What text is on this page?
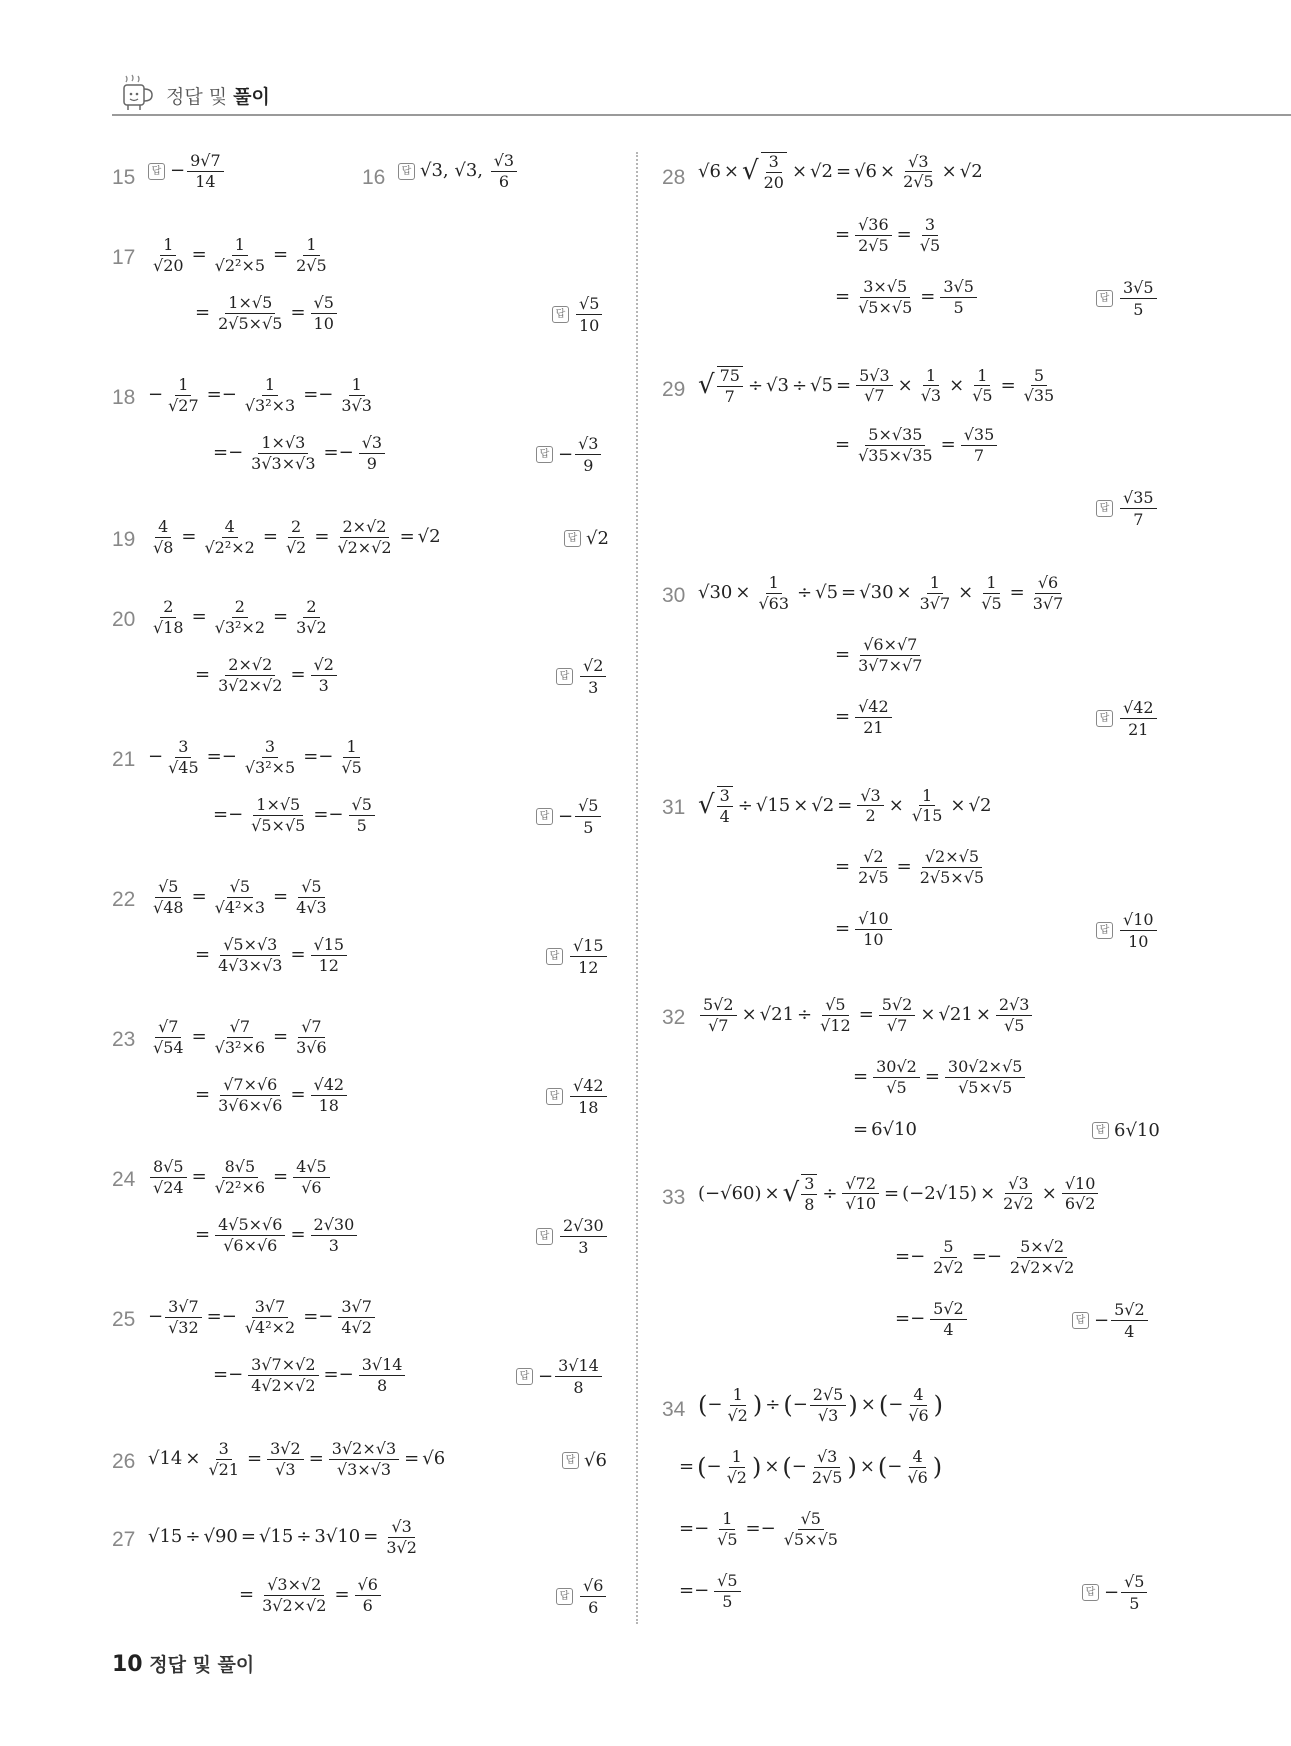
정답 및 풀이
15	답 − $\frac{9√7}{14}$	16	답 √3, √3, $\frac{√3}{6}$
$17 \frac{1}{√20} = \frac{1}{\text{√2²×5}} = \frac{1}{2√5}$
= $\frac{1\times√5}{2√5\times√5} = \frac{√5}{10}$	답 $\frac{√5}{10}$
$18 - \frac{1}{√27} =- \frac{1}{\text{√3²×3}} =- \frac{1}{3√3}$
=− $\frac{1\times√3}{3√3\times√3} =- \frac{√3}{9}$	답 − $\frac{√3}{9}$
$19 \frac{4}{√8} = \frac{4}{\text{√2²×2}} = \frac{2}{√2} = \frac{2\times√2}{√2\times√2} = √2$	답 √2
$20 \frac{2}{√18} = \frac{2}{\text{√3²×2}} = \frac{2}{3√2}$
= $\frac{2\times√2}{3√2\times√2} = \frac{√2}{3}$	답 $\frac{√2}{3}$
$21 - \frac{3}{√45} =- \frac{3}{\text{√3²×5}} =- \frac{1}{√5}$
=− $\frac{1\times√5}{√5\times√5} =- \frac{√5}{5}$	답 − $\frac{√5}{5}$
$22 \frac{√5}{√48} = \frac{√5}{\text{√4²×3}} = \frac{√5}{4√3}$
= $\frac{√5\times√3}{4√3\times√3} = \frac{√15}{12}$	답 $\frac{√15}{12}$
$23 \frac{√7}{√54} = \frac{√7}{\text{√3²×6}} = \frac{√7}{3√6}$
= $\frac{√7\times√6}{3√6\times√6} = \frac{√42}{18}$	답 $\frac{√42}{18}$
$24 \frac{8√5}{√24} = \frac{8√5}{\text{√2²×6}} = \frac{4√5}{√6}$
= $\frac{4√5\times√6}{√6\times√6} = \frac{2√30}{3}$	답 $\frac{2√30}{3}$
$25 - \frac{3√7}{√32} =- \frac{3√7}{\text{√4²×2}} =- \frac{3√7}{4√2}$
=− $\frac{3√7\times√2}{4√2\times√2} =- \frac{3√14}{8}$	답 − $\frac{3√14}{8}$
26 $√14 \times \frac{3}{√21} = \frac{3√2}{√3} = \frac{3√2\times√3}{√3\times√3} = √6$	답 √6
27 $√15 \div √90 = √15 \div 3√10 = \frac{√3}{3√2}$
= $\frac{√3\times√2}{3√2\times√2} = \frac{√6}{6}$	답 $\frac{√6}{6}$
28 √6 × √ $\frac{3}{20} \times √2 = √6 \times \frac{√3}{2√5} \times √2$
= $\frac{√36}{2√5} = \frac{3}{√5}$
= $\frac{3\times√5}{√5\times√5} = \frac{3√5}{5}$	답 $\frac{3√5}{5}$
29 √ $\frac{75}{7} \div √3 \div √5 = \frac{5√3}{√7} \times \frac{1}{√3} \times \frac{1}{√5} = \frac{5}{√35}$
= $\frac{5\times√35}{√35\times√35} = \frac{√35}{7}$
답 $\frac{√35}{7}$
30 $√30 \times \frac{1}{√63} \div √5 = √30 \times \frac{1}{3√7} \times \frac{1}{√5} = \frac{√6}{3√7}$
= $\frac{√6\times√7}{3√7\times√7}$
= $\frac{√42}{21}$	답 $\frac{√42}{21}$
31 √ $\frac{3}{4} \div √15 \times √2 = \frac{√3}{2} \times \frac{1}{√15} \times √2$
= $\frac{√2}{2√5} = \frac{√2\times√5}{2√5\times√5}$
= $\frac{√10}{10}$	답 $\frac{√10}{10}$
$32 \frac{5√2}{√7} \times √21 \div \frac{√5}{√12} = \frac{5√2}{√7} \times √21 \times \frac{2√3}{√5}$
= $\frac{30√2}{√5} = \frac{30√2\times√5}{√5\times√5}$
= 6√10	답 6√10
33 (−√60) × √ $\frac{3}{8} \div \frac{√72}{√10} = (-2√15) \times \frac{√3}{2√2} \times \frac{√10}{6√2}$
=− $\frac{5}{2√2} =- \frac{5\times√2}{2√2\times√2}$
=− $\frac{5√2}{4}$	답 − $\frac{5√2}{4}$
34 ( − $\frac{1}{√2}$ ) ÷ ( − $\frac{2√5}{√3}$ ) × ( − $\frac{4}{√6}$ )
= ( − $\frac{1}{√2}$ ) × ( − $\frac{√3}{2√5}$ ) × ( − $\frac{4}{√6}$ )
=− $\frac{1}{√5} =- \frac{√5}{√5\times√5}$
=− $\frac{√5}{5}$	답 − $\frac{√5}{5}$
10 정답 및 풀이
